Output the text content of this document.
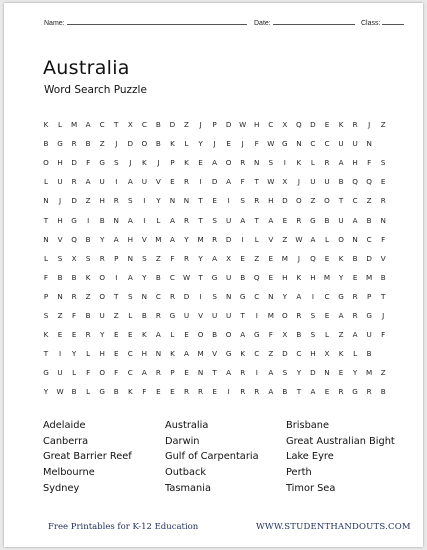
Name:	Date:	Class:
Australia
Word Search Puzzle
K	L	M	A	C	T	X	C	B	D	Z	J	P	D	W	H	C	X	Q	D	E	K	R	J	Z
B	G	R	B	Z	J	D	O	B	K	L	Y	J	E	J	F	W	G	N	C	C	U	U	N
O	H	D	F	G	S	J	K	J	P	K	E	A	O	R	N	S	I	K	L	R	A	H	F	S
L	U	R	A	U	I	A	U	V	E	R	I	D	A	F	T	W	X	J	U	U	B	Q	Q	E
N	J	D	Z	H	R	S	I	Y	N	N	T	E	I	S	R	H	D	O	Z	O	T	C	Z	R
T	H	G	I	B	N	A	I	L	A	R	T	S	U	A	T	A	E	R	G	B	U	A	B	N
N	V	Q	B	Y	A	H	V	M	A	Y	M	R	D	I	L	V	Z	W	A	L	O	N	C	F
L	S	X	S	R	P	N	S	Z	F	R	Y	A	X	E	Z	E	M	J	Q	E	K	B	D	V
F	B	B	K	O	I	A	Y	B	C	W	T	G	U	B	Q	E	H	K	H	M	Y	E	M	B
P	N	R	Z	O	T	S	N	C	R	D	I	S	N	G	C	N	Y	A	I	C	G	R	P	T
S	Z	F	B	U	Z	L	B	R	G	U	V	U	U	T	I	M	O	R	S	E	A	R	G	J
K	E	E	R	Y	E	E	K	A	L	E	O	B	O	A	G	F	X	B	S	L	Z	A	U	F
T	I	Y	L	H	E	C	H	N	K	A	M	V	G	K	C	Z	D	C	H	X	K	L	B
G	U	L	F	O	F	C	A	R	P	E	N	T	A	R	I	A	S	Y	D	N	E	Y	M	Z
Y	W	B	L	G	B	K	F	E	E	R	R	E	I	R	R	A	B	T	A	E	R	G	R	B
Adelaide	Australia	Brisbane
Canberra	Darwin	Great Australian Bight
Great Barrier Reef	Gulf of Carpentaria	Lake Eyre
Melbourne	Outback	Perth
Sydney	Tasmania	Timor Sea
Free Printables for K-12 Education	WWW.STUDENTHANDOUTS.COM
